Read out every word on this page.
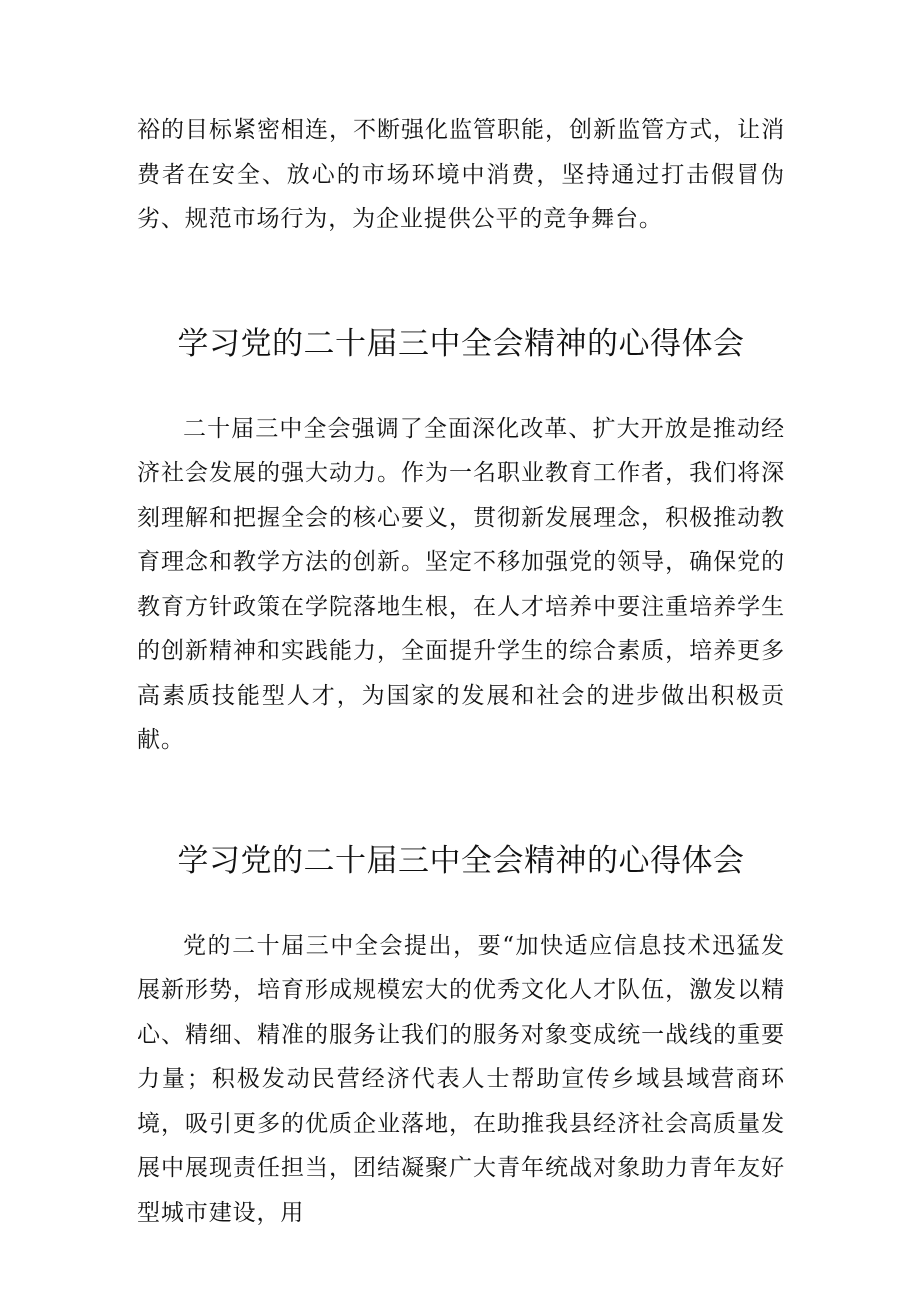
裕的目标紧密相连，不断强化监管职能，创新监管方式，让消费者在安全、放心的市场环境中消费，坚持通过打击假冒伪劣、规范市场行为，为企业提供公平的竞争舞台。

学习党的二十届三中全会精神的心得体会

二十届三中全会强调了全面深化改革、扩大开放是推动经济社会发展的强大动力。作为一名职业教育工作者，我们将深刻理解和把握全会的核心要义，贯彻新发展理念，积极推动教育理念和教学方法的创新。坚定不移加强党的领导，确保党的教育方针政策在学院落地生根，在人才培养中要注重培养学生的创新精神和实践能力，全面提升学生的综合素质，培养更多高素质技能型人才，为国家的发展和社会的进步做出积极贡献。

学习党的二十届三中全会精神的心得体会

党的二十届三中全会提出，要“加快适应信息技术迅猛发展新形势，培育形成规模宏大的优秀文化人才队伍，激发以精心、精细、精准的服务让我们的服务对象变成统一战线的重要力量；积极发动民营经济代表人士帮助宣传乡域县域营商环境，吸引更多的优质企业落地，在助推我县经济社会高质量发展中展现责任担当，团结凝聚广大青年统战对象助力青年友好型城市建设，用
